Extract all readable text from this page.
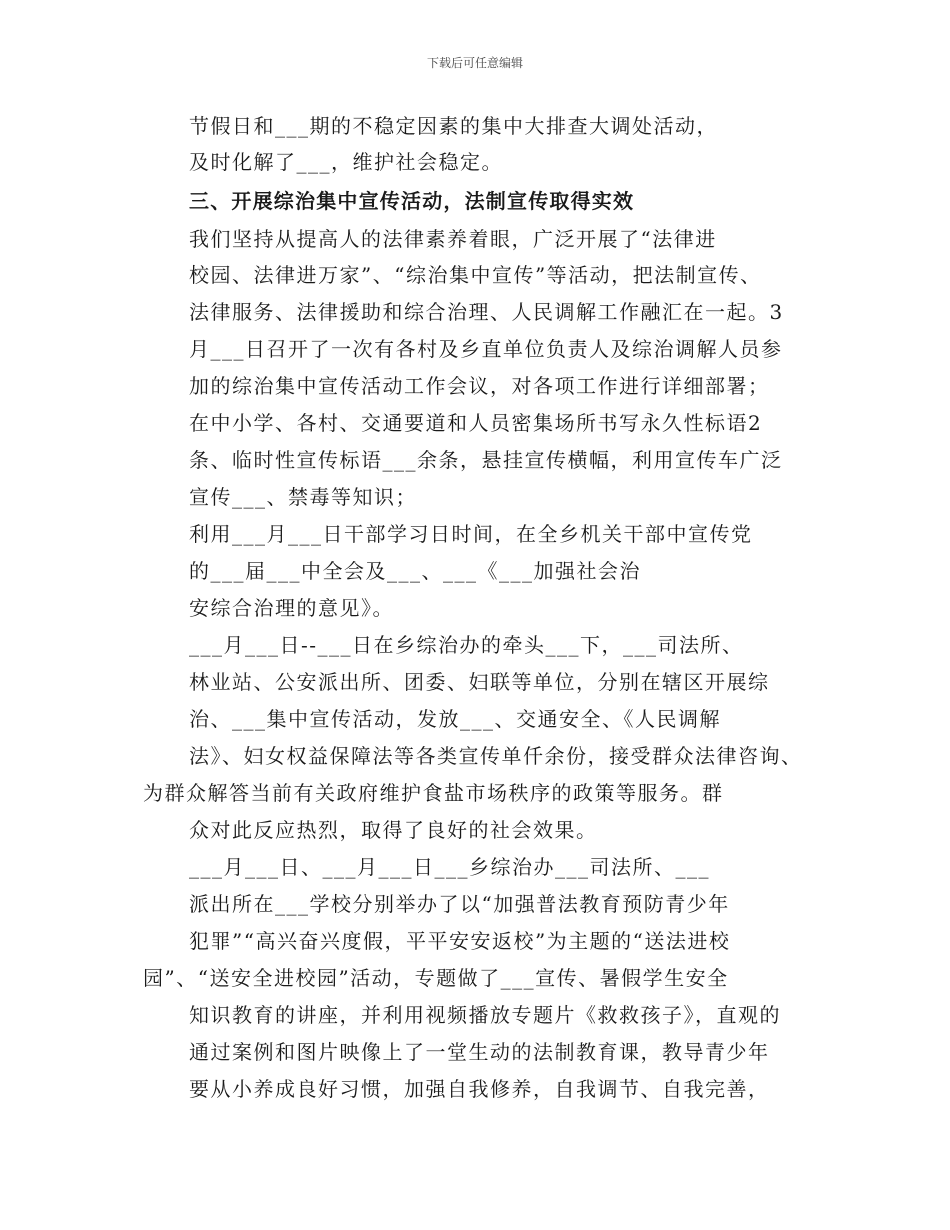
下载后可任意编辑
节假日和___期的不稳定因素的集中大排查大调处活动，
及时化解了___，维护社会稳定。
三、开展综治集中宣传活动，法制宣传取得实效
我们坚持从提高人的法律素养着眼，广泛开展了“法律进
校园、法律进万家”、“综治集中宣传”等活动，把法制宣传、
法律服务、法律援助和综合治理、人民调解工作融汇在一起。3
月___日召开了一次有各村及乡直单位负责人及综治调解人员参
加的综治集中宣传活动工作会议，对各项工作进行详细部署；
在中小学、各村、交通要道和人员密集场所书写永久性标语2
条、临时性宣传标语___余条，悬挂宣传横幅，利用宣传车广泛
宣传___、禁毒等知识；
利用___月___日干部学习日时间，在全乡机关干部中宣传党
的___届___中全会及___、___《___加强社会治
安综合治理的意见》。
___月___日--___日在乡综治办的牵头___下，___司法所、
林业站、公安派出所、团委、妇联等单位，分别在辖区开展综
治、___集中宣传活动，发放___、交通安全、《人民调解
法》、妇女权益保障法等各类宣传单仟余份，接受群众法律咨询、
为群众解答当前有关政府维护食盐市场秩序的政策等服务。群
众对此反应热烈，取得了良好的社会效果。
___月___日、___月___日___乡综治办___司法所、___
派出所在___学校分别举办了以“加强普法教育预防青少年
犯罪”“高兴奋兴度假，平平安安返校”为主题的“送法进校
园”、“送安全进校园”活动，专题做了___宣传、暑假学生安全
知识教育的讲座，并利用视频播放专题片《救救孩子》，直观的
通过案例和图片映像上了一堂生动的法制教育课，教导青少年
要从小养成良好习惯，加强自我修养，自我调节、自我完善，
